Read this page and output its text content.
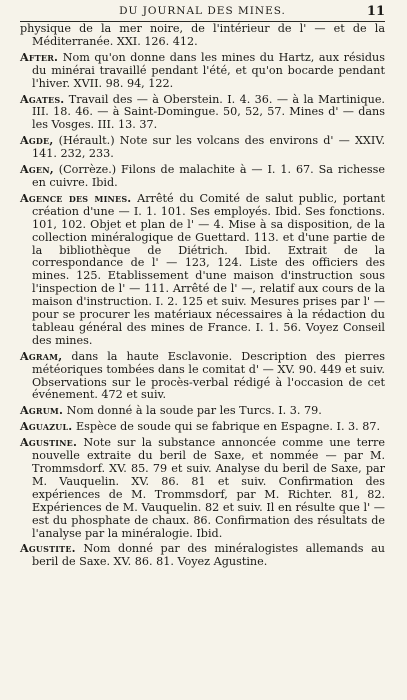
DU JOURNAL DES MINES.	11

physique de la mer noire, de l'intérieur de l' — et de la Méditerranée. XXI. 126. 412.

After. Nom qu'on donne dans les mines du Hartz, aux résidus du minérai travaillé pendant l'été, et qu'on bocarde pendant l'hiver. XVII. 98. 94, 122.

Agates. Travail des — à Oberstein. I. 4. 36. — à la Martinique. III. 18. 46. — à Saint-Domingue. 50, 52, 57. Mines d' — dans les Vosges. III. 13. 37.

Agde, (Hérault.) Note sur les volcans des environs d' — XXIV. 141. 232, 233.

Agen, (Corrèze.) Filons de malachite à — I. 1. 67. Sa richesse en cuivre. Ibid.

Agence des mines. Arrêté du Comité de salut public, portant création d'une — I. 1. 101. Ses employés. Ibid. Ses fonctions. 101, 102. Objet et plan de l' — 4. Mise à sa disposition, de la collection minéralogique de Guettard. 113. et d'une partie de la bibliothèque de Diétrich. Ibid. Extrait de la correspondance de l' — 123, 124. Liste des officiers des mines. 125. Etablissement d'une maison d'instruction sous l'inspection de l' — 111. Arrêté de l' —, relatif aux cours de la maison d'instruction. I. 2. 125 et suiv. Mesures prises par l' — pour se procurer les matériaux nécessaires à la rédaction du tableau général des mines de France. I. 1. 56. Voyez Conseil des mines.

Agram, dans la haute Esclavonie. Description des pierres météoriques tombées dans le comitat d' — XV. 90. 449 et suiv. Observations sur le procès-verbal rédigé à l'occasion de cet événement. 472 et suiv.

Agrum. Nom donné à la soude par les Turcs. I. 3. 79.

Aguazul. Espèce de soude qui se fabrique en Espagne. I. 3. 87.

Agustine. Note sur la substance annoncée comme une terre nouvelle extraite du beril de Saxe, et nommée — par M. Trommsdorf. XV. 85. 79 et suiv. Analyse du beril de Saxe, par M. Vauquelin. XV. 86. 81 et suiv. Confirmation des expériences de M. Trommsdorf, par M. Richter. 81, 82. Expériences de M. Vauquelin. 82 et suiv. Il en résulte que l' — est du phosphate de chaux. 86. Confirmation des résultats de l'analyse par la minéralogie. Ibid.

Agustite. Nom donné par des minéralogistes allemands au beril de Saxe. XV. 86. 81. Voyez Agustine.
